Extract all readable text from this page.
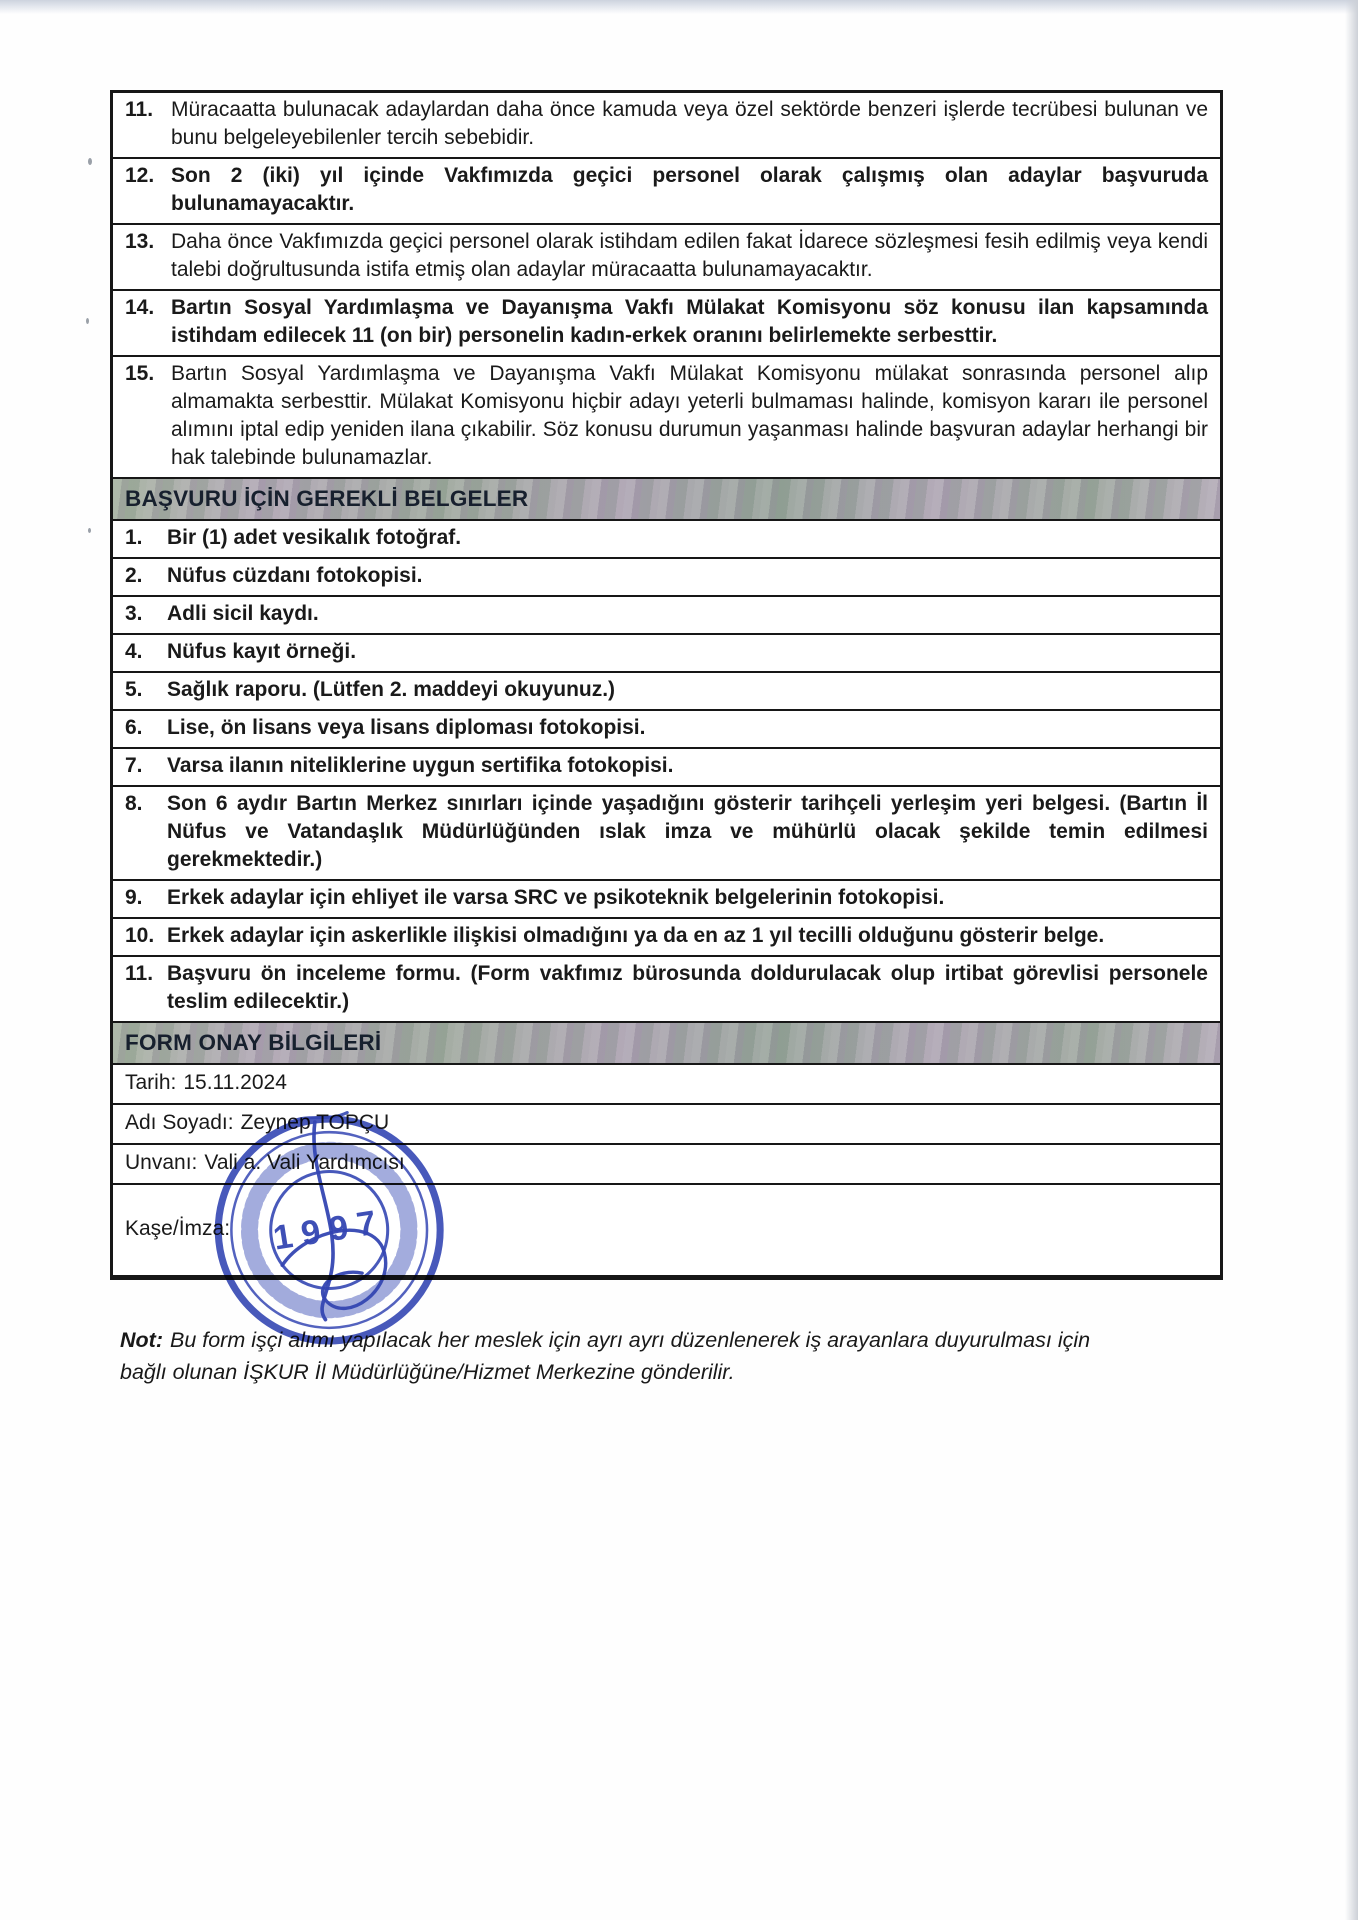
11. Müracaatta bulunacak adaylardan daha önce kamuda veya özel sektörde benzeri işlerde tecrübesi bulunan ve bunu belgeleyebilenler tercih sebebidir.
12. Son 2 (iki) yıl içinde Vakfımızda geçici personel olarak çalışmış olan adaylar başvuruda bulunamayacaktır.
13. Daha önce Vakfımızda geçici personel olarak istihdam edilen fakat İdarece sözleşmesi fesih edilmiş veya kendi talebi doğrultusunda istifa etmiş olan adaylar müracaatta bulunamayacaktır.
14. Bartın Sosyal Yardımlaşma ve Dayanışma Vakfı Mülakat Komisyonu söz konusu ilan kapsamında istihdam edilecek 11 (on bir) personelin kadın-erkek oranını belirlemekte serbesttir.
15. Bartın Sosyal Yardımlaşma ve Dayanışma Vakfı Mülakat Komisyonu mülakat sonrasında personel alıp almamakta serbesttir. Mülakat Komisyonu hiçbir adayı yeterli bulmaması halinde, komisyon kararı ile personel alımını iptal edip yeniden ilana çıkabilir. Söz konusu durumun yaşanması halinde başvuran adaylar herhangi bir hak talebinde bulunamazlar.
BAŞVURU İÇİN GEREKLİ BELGELER
1.	Bir (1) adet vesikalık fotoğraf.
2.	Nüfus cüzdanı fotokopisi.
3.	Adli sicil kaydı.
4.	Nüfus kayıt örneği.
5.	Sağlık raporu. (Lütfen 2. maddeyi okuyunuz.)
6.	Lise, ön lisans veya lisans diploması fotokopisi.
7.	Varsa ilanın niteliklerine uygun sertifika fotokopisi.
8.	Son 6 aydır Bartın Merkez sınırları içinde yaşadığını gösterir tarihçeli yerleşim yeri belgesi. (Bartın İl Nüfus ve Vatandaşlık Müdürlüğünden ıslak imza ve mühürlü olacak şekilde temin edilmesi gerekmektedir.)
9.	Erkek adaylar için ehliyet ile varsa SRC ve psikoteknik belgelerinin fotokopisi.
10. Erkek adaylar için askerlikle ilişkisi olmadığını ya da en az 1 yıl tecilli olduğunu gösterir belge.
11. Başvuru ön inceleme formu. (Form vakfımız bürosunda doldurulacak olup irtibat görevlisi personele teslim edilecektir.)
FORM ONAY BİLGİLERİ
Tarih: 15.11.2024
Adı Soyadı: Zeynep TOPÇU
Unvanı: Vali a. Vali Yardımcısı
Kaşe/İmza: 1997

Not: Bu form işçi alımı yapılacak her meslek için ayrı ayrı düzenlenerek iş arayanlara duyurulması için bağlı olunan İŞKUR İl Müdürlüğüne/Hizmet Merkezine gönderilir.
